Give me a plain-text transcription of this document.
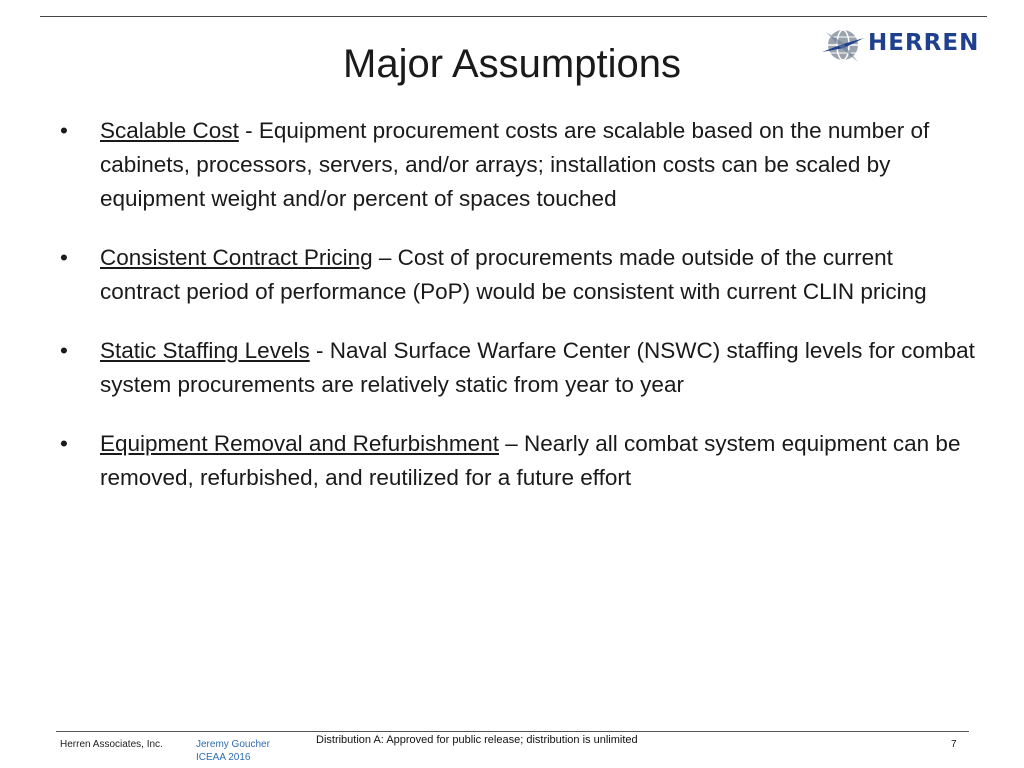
Major Assumptions	HERREN
• Scalable Cost - Equipment procurement costs are scalable based on the number of cabinets, processors, servers, and/or arrays; installation costs can be scaled by equipment weight and/or percent of spaces touched
• Consistent Contract Pricing – Cost of procurements made outside of the current contract period of performance (PoP) would be consistent with current CLIN pricing
• Static Staffing Levels - Naval Surface Warfare Center (NSWC) staffing levels for combat system procurements are relatively static from year to year
• Equipment Removal and Refurbishment – Nearly all combat system equipment can be removed, refurbished, and reutilized for a future effort
Herren Associates, Inc.	Jeremy Goucher
ICEAA 2016
Distribution A: Approved for public release; distribution is unlimited	7
